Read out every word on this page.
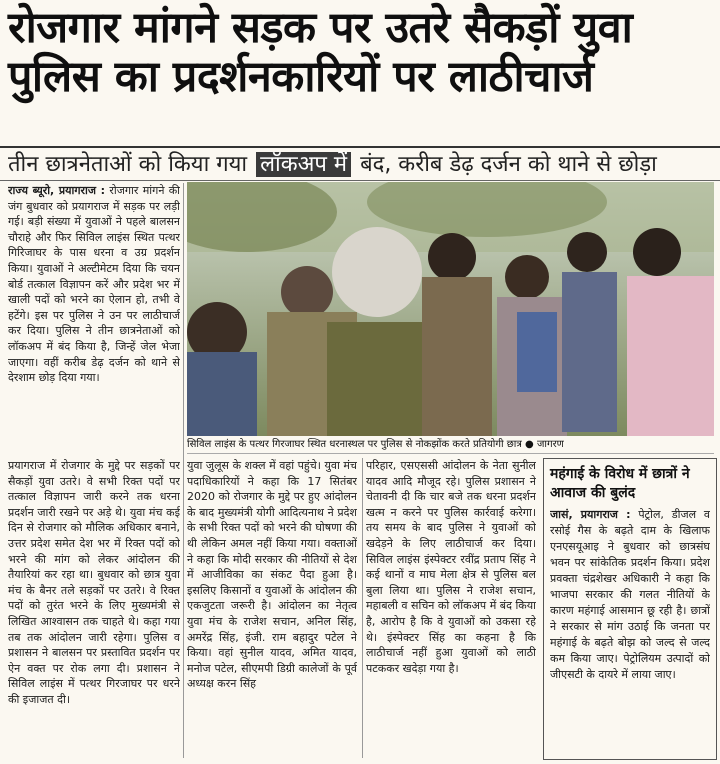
रोजगार मांगने सड़क पर उतरे सैकड़ों युवा पुलिस का प्रदर्शनकारियों पर लाठीचार्ज
तीन छात्रनेताओं को किया गया लॉकअप में बंद, करीब डेढ़ दर्जन को थाने से छोड़ा
राज्य ब्यूरो, प्रयागराज : रोजगार मांगने की जंग बुधवार को प्रयागराज में सड़क पर लड़ी गई। बड़ी संख्या में युवाओं ने पहले बालसन चौराहे और फिर सिविल लाइंस स्थित पत्थर गिरिजाघर के पास धरना व उग्र प्रदर्शन किया। युवाओं ने अल्टीमेटम दिया कि चयन बोर्ड तत्काल विज्ञापन करें और प्रदेश भर में खाली पदों को भरने का ऐलान हो, तभी वे हटेंगे। इस पर पुलिस ने उन पर लाठीचार्ज कर दिया। पुलिस ने तीन छात्रनेताओं को लॉकअप में बंद किया है, जिन्हें जेल भेजा जाएगा। वहीं करीब डेढ़ दर्जन को थाने से देरशाम छोड़ दिया गया।
सिविल लाइंस के पत्थर गिरजाघर स्थित धरनास्थल पर पुलिस से नोकझोंक करते प्रतियोगी छात्र ● जागरण
प्रयागराज में रोजगार के मुद्दे पर सड़कों पर सैकड़ों युवा उतरे। वे सभी रिक्त पदों पर तत्काल विज्ञापन जारी करने तक धरना प्रदर्शन जारी रखने पर अड़े थे। युवा मंच कई दिन से रोजगार को मौलिक अधिकार बनाने, उत्तर प्रदेश समेत देश भर में रिक्त पदों को भरने की मांग को लेकर आंदोलन की तैयारियां कर रहा था। बुधवार को छात्र युवा मंच के बैनर तले सड़कों पर उतरे। वे रिक्त पदों को तुरंत भरने के लिए मुख्यमंत्री से लिखित आश्वासन तक चाहते थे। कहा गया तब तक आंदोलन जारी रहेगा। पुलिस व प्रशासन ने बालसन पर प्रस्तावित प्रदर्शन पर ऐन वक्त पर रोक लगा दी। प्रशासन ने सिविल लाइंस में पत्थर गिरजाघर पर धरने की इजाजत दी।
युवा जुलूस के शक्ल में वहां पहुंचे। युवा मंच पदाधिकारियों ने कहा कि 17 सितंबर 2020 को रोजगार के मुद्दे पर हुए आंदोलन के बाद मुख्यमंत्री योगी आदित्यनाथ ने प्रदेश के सभी रिक्त पदों को भरने की घोषणा की थी लेकिन अमल नहीं किया गया। वक्ताओं ने कहा कि मोदी सरकार की नीतियों से देश में आजीविका का संकट पैदा हुआ है। इसलिए किसानों व युवाओं के आंदोलन की एकजुटता जरूरी है। आंदोलन का नेतृत्व युवा मंच के राजेश सचान, अनिल सिंह, अमरेंद्र सिंह, इंजी. राम बहादुर पटेल ने किया। वहां सुनील यादव, अमित यादव, मनोज पटेल, सीएमपी डिग्री कालेजों के पूर्व अध्यक्ष करन सिंह
परिहार, एसएससी आंदोलन के नेता सुनील यादव आदि मौजूद रहे। पुलिस प्रशासन ने चेतावनी दी कि चार बजे तक धरना प्रदर्शन खत्म न करने पर पुलिस कार्रवाई करेगा। तय समय के बाद पुलिस ने युवाओं को खदेड़ने के लिए लाठीचार्ज कर दिया। सिविल लाइंस इंस्पेक्टर रवींद्र प्रताप सिंह ने कई थानों व माघ मेला क्षेत्र से पुलिस बल बुला लिया था। पुलिस ने राजेश सचान, महाबली व सचिन को लॉकअप में बंद किया है, आरोप है कि वे युवाओं को उकसा रहे थे। इंस्पेक्टर सिंह का कहना है कि लाठीचार्ज नहीं हुआ युवाओं को लाठी पटककर खदेड़ा गया है।
महंगाई के विरोध में छात्रों ने आवाज की बुलंद
जासं, प्रयागराज : पेट्रोल, डीजल व रसोई गैस के बढ़ते दाम के खिलाफ एनएसयूआइ ने बुधवार को छात्रसंघ भवन पर सांकेतिक प्रदर्शन किया। प्रदेश प्रवक्ता चंद्रशेखर अधिकारी ने कहा कि भाजपा सरकार की गलत नीतियों के कारण महंगाई आसमान छू रही है। छात्रों ने सरकार से मांग उठाई कि जनता पर महंगाई के बढ़ते बोझ को जल्द से जल्द कम किया जाए। पेट्रोलियम उत्पादों को जीएसटी के दायरे में लाया जाए।
